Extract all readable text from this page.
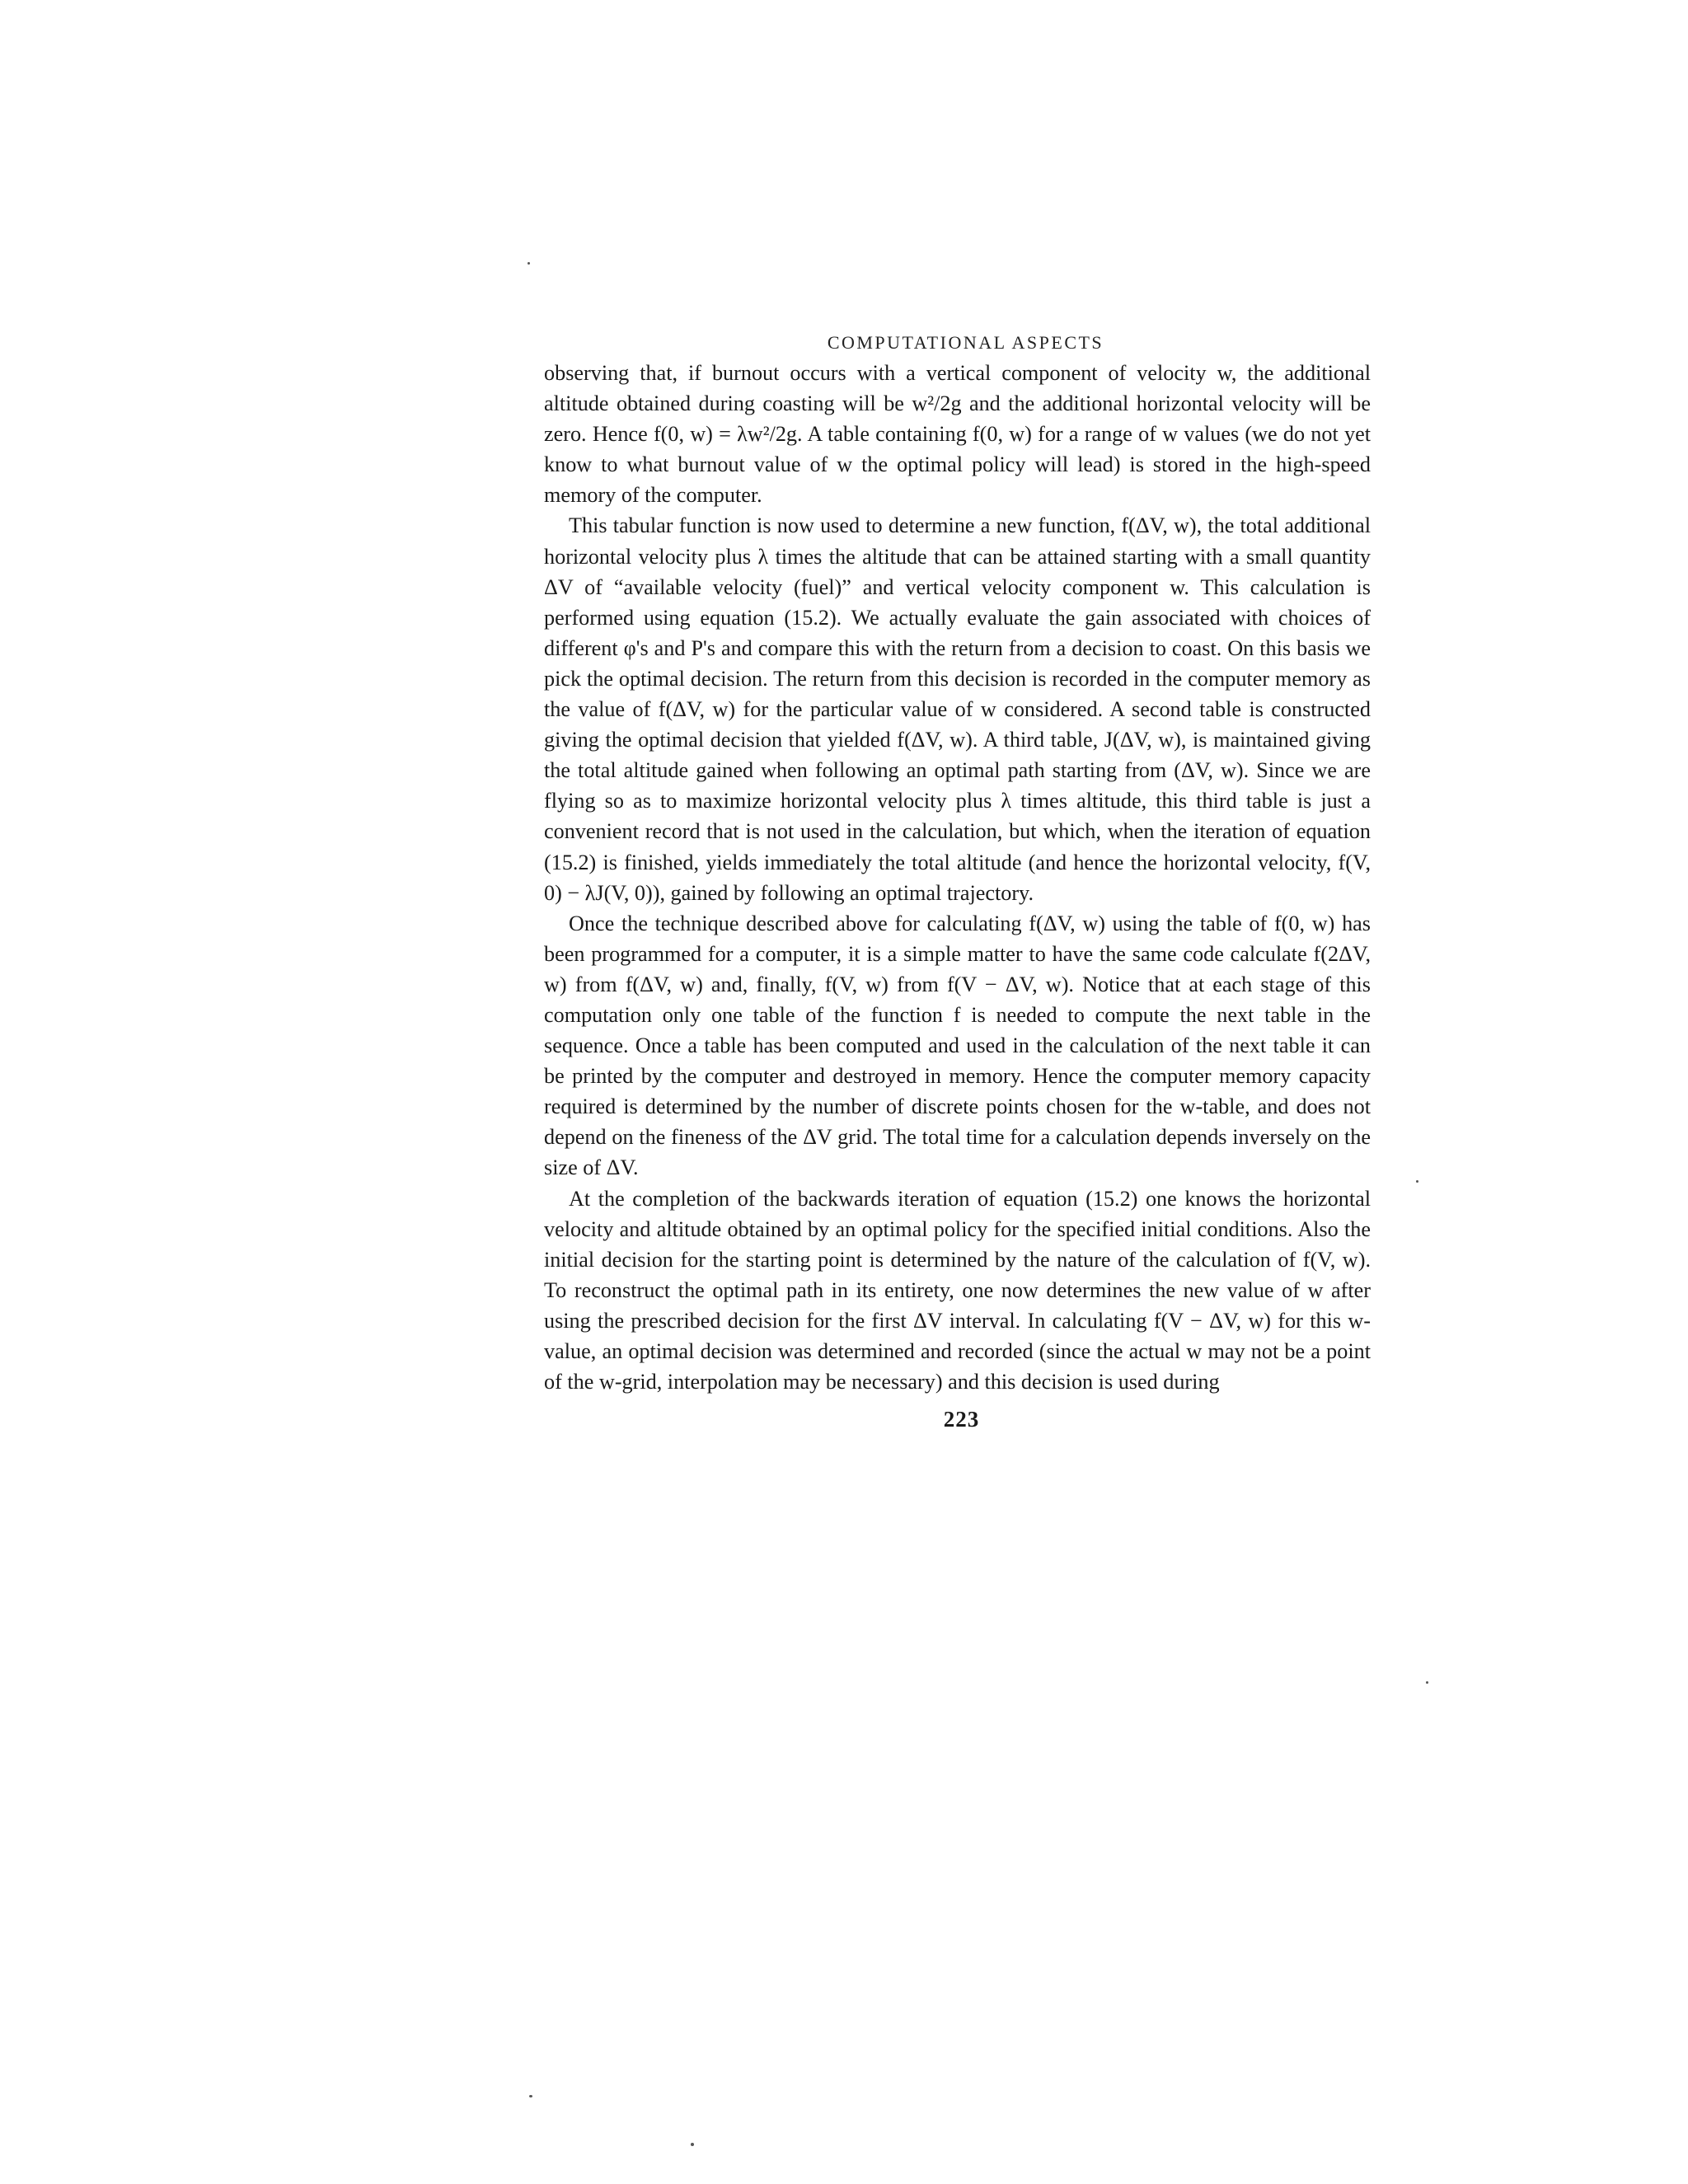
COMPUTATIONAL ASPECTS

observing that, if burnout occurs with a vertical component of velocity w, the additional altitude obtained during coasting will be w²/2g and the additional horizontal velocity will be zero. Hence f(0, w) = λw²/2g. A table containing f(0, w) for a range of w values (we do not yet know to what burnout value of w the optimal policy will lead) is stored in the high-speed memory of the computer.

This tabular function is now used to determine a new function, f(ΔV, w), the total additional horizontal velocity plus λ times the altitude that can be attained starting with a small quantity ΔV of “available velocity (fuel)” and vertical velocity component w. This calculation is performed using equation (15.2). We actually evaluate the gain associated with choices of different φ's and P's and compare this with the return from a decision to coast. On this basis we pick the optimal decision. The return from this decision is recorded in the computer memory as the value of f(ΔV, w) for the particular value of w considered. A second table is constructed giving the optimal decision that yielded f(ΔV, w). A third table, J(ΔV, w), is maintained giving the total altitude gained when following an optimal path starting from (ΔV, w). Since we are flying so as to maximize horizontal velocity plus λ times altitude, this third table is just a convenient record that is not used in the calculation, but which, when the iteration of equation (15.2) is finished, yields immediately the total altitude (and hence the horizontal velocity, f(V, 0) − λJ(V, 0)), gained by following an optimal trajectory.

Once the technique described above for calculating f(ΔV, w) using the table of f(0, w) has been programmed for a computer, it is a simple matter to have the same code calculate f(2ΔV, w) from f(ΔV, w) and, finally, f(V, w) from f(V − ΔV, w). Notice that at each stage of this computation only one table of the function f is needed to compute the next table in the sequence. Once a table has been computed and used in the calculation of the next table it can be printed by the computer and destroyed in memory. Hence the computer memory capacity required is determined by the number of discrete points chosen for the w-table, and does not depend on the fineness of the ΔV grid. The total time for a calculation depends inversely on the size of ΔV.

At the completion of the backwards iteration of equation (15.2) one knows the horizontal velocity and altitude obtained by an optimal policy for the specified initial conditions. Also the initial decision for the starting point is determined by the nature of the calculation of f(V, w). To reconstruct the optimal path in its entirety, one now determines the new value of w after using the prescribed decision for the first ΔV interval. In calculating f(V − ΔV, w) for this w-value, an optimal decision was determined and recorded (since the actual w may not be a point of the w-grid, interpolation may be necessary) and this decision is used during

223
